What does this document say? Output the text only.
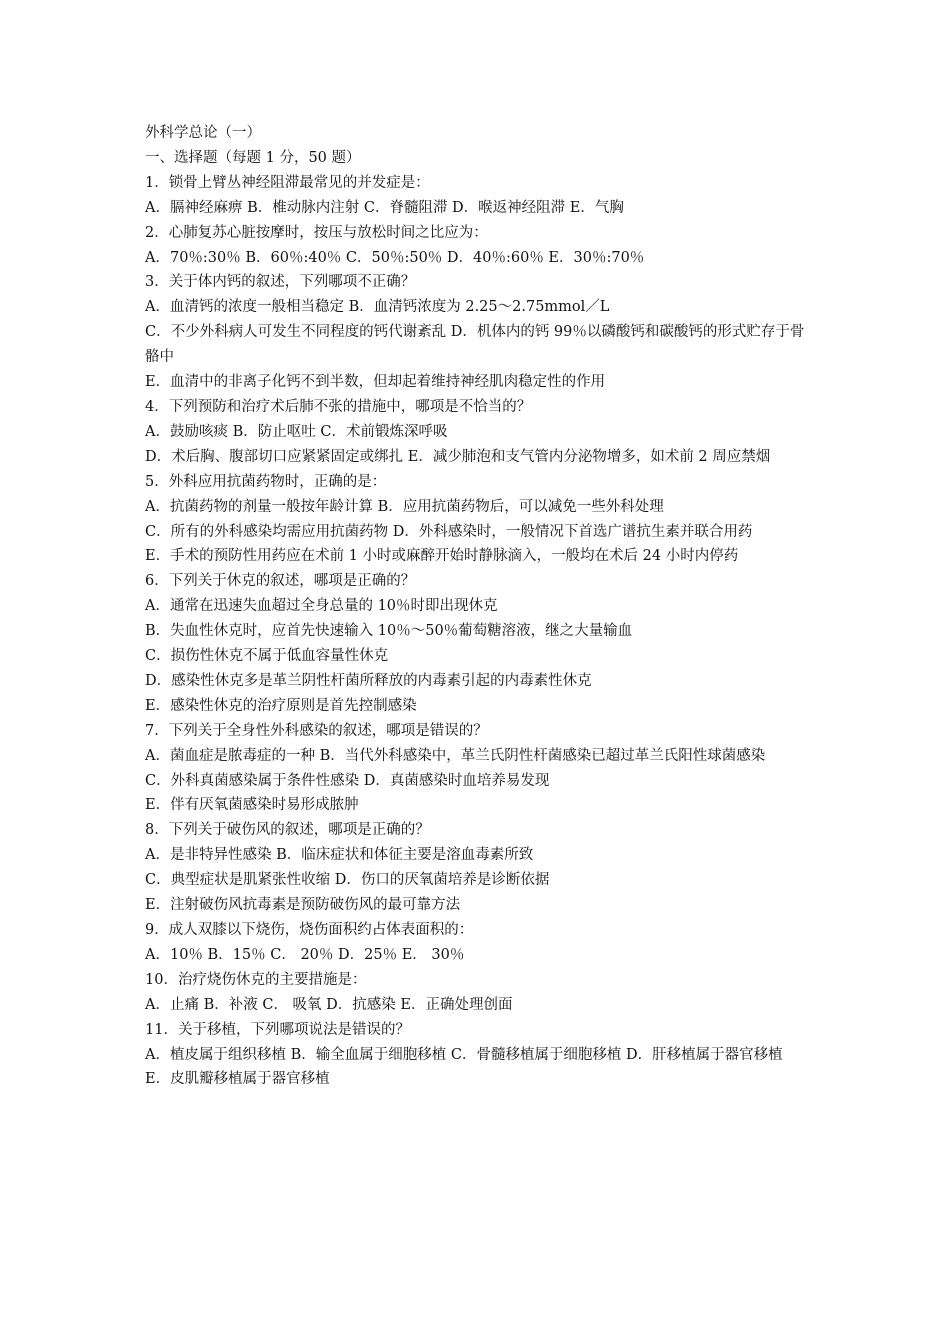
外科学总论（一）

一、选择题（每题 1 分，50 题）

1．锁骨上臂丛神经阻滞最常见的并发症是：

A．膈神经麻痹 B．椎动脉内注射 C．脊髓阻滞 D．喉返神经阻滞 E．气胸

2．心肺复苏心脏按摩时，按压与放松时间之比应为：

A．70％:30％ B．60％:40％ C．50％:50％ D．40％:60％ E．30％:70％

3．关于体内钙的叙述，下列哪项不正确？

A．血清钙的浓度一般相当稳定 B．血清钙浓度为 2.25～2.75mmol／L

C．不少外科病人可发生不同程度的钙代谢紊乱 D．机体内的钙 99％以磷酸钙和碳酸钙的形式贮存于骨骼中

E．血清中的非离子化钙不到半数，但却起着维持神经肌肉稳定性的作用

4．下列预防和治疗术后肺不张的措施中，哪项是不恰当的？

A．鼓励咳痰 B．防止呕吐 C．术前锻炼深呼吸

D．术后胸、腹部切口应紧紧固定或绑扎 E．减少肺泡和支气管内分泌物增多，如术前 2 周应禁烟

5．外科应用抗菌药物时，正确的是：

A．抗菌药物的剂量一般按年龄计算 B．应用抗菌药物后，可以减免一些外科处理

C．所有的外科感染均需应用抗菌药物 D．外科感染时，一般情况下首选广谱抗生素并联合用药

E．手术的预防性用药应在术前 1 小时或麻醉开始时静脉滴入，一般均在术后 24 小时内停药

6．下列关于休克的叙述，哪项是正确的？

A．通常在迅速失血超过全身总量的 10％时即出现休克

B．失血性休克时，应首先快速输入 10％～50％葡萄糖溶液，继之大量输血

C．损伤性休克不属于低血容量性休克

D．感染性休克多是革兰阴性杆菌所释放的内毒素引起的内毒素性休克

E．感染性休克的治疗原则是首先控制感染

7．下列关于全身性外科感染的叙述，哪项是错误的？

A．菌血症是脓毒症的一种 B．当代外科感染中，革兰氏阴性杆菌感染已超过革兰氏阳性球菌感染

C．外科真菌感染属于条件性感染 D．真菌感染时血培养易发现

E．伴有厌氧菌感染时易形成脓肿

8．下列关于破伤风的叙述，哪项是正确的？

A．是非特异性感染 B．临床症状和体征主要是溶血毒素所致

C．典型症状是肌紧张性收缩 D．伤口的厌氧菌培养是诊断依据

E．注射破伤风抗毒素是预防破伤风的最可靠方法

9．成人双膝以下烧伤，烧伤面积约占体表面积的：

A．10％ B．15％ C． 20％ D．25％ E． 30％

10．治疗烧伤休克的主要措施是：

A．止痛 B．补液 C． 吸氧 D．抗感染 E．正确处理创面

11．关于移植，下列哪项说法是错误的？

A．植皮属于组织移植 B．输全血属于细胞移植 C．骨髓移植属于细胞移植 D．肝移植属于器官移植

E．皮肌瓣移植属于器官移植
